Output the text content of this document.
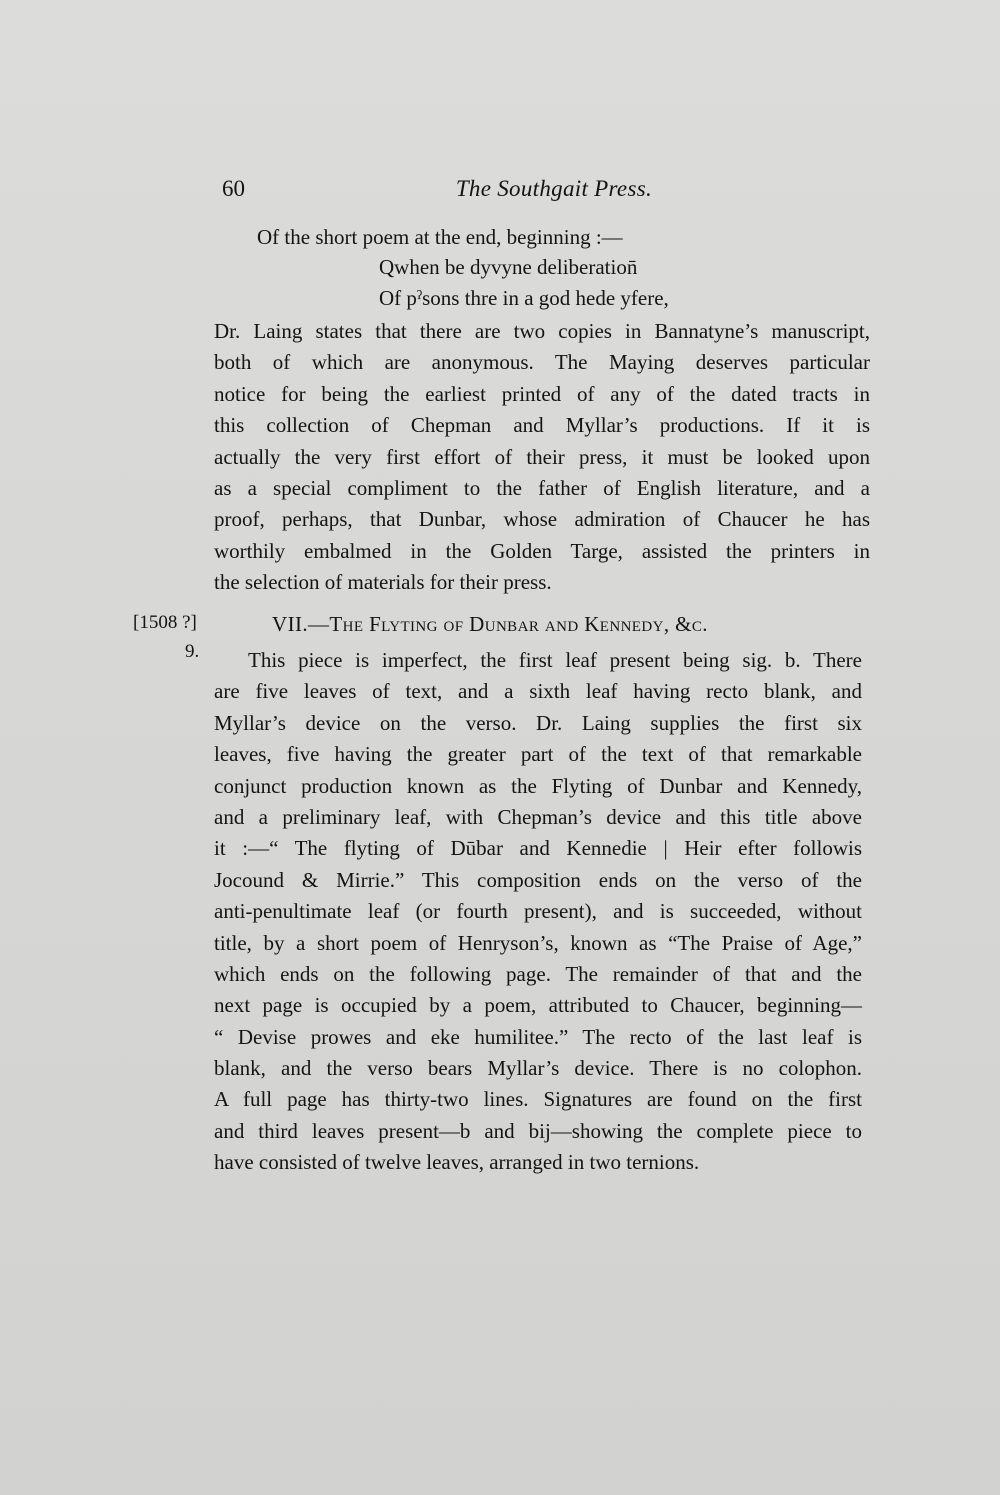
60	The Southgait Press.
Of the short poem at the end, beginning :—
Qwhen be dyvyne deliberation̄
Of pˀsons thre in a god hede yfere,
Dr. Laing states that there are two copies in Bannatyne’s manuscript,
both of which are anonymous. The Maying deserves particular
notice for being the earliest printed of any of the dated tracts in
this collection of Chepman and Myllar’s productions. If it is
actually the very first effort of their press, it must be looked upon
as a special compliment to the father of English literature, and a
proof, perhaps, that Dunbar, whose admiration of Chaucer he has
worthily embalmed in the Golden Targe, assisted the printers in
the selection of materials for their press.
[1508 ?]
9.
VII.—The Flyting of Dunbar and Kennedy, &c.
This piece is imperfect, the first leaf present being sig. b. There
are five leaves of text, and a sixth leaf having recto blank, and
Myllar’s device on the verso. Dr. Laing supplies the first six
leaves, five having the greater part of the text of that remarkable
conjunct production known as the Flyting of Dunbar and Kennedy,
and a preliminary leaf, with Chepman’s device and this title above
it :—“ The flyting of Dūbar and Kennedie | Heir efter followis
Jocound & Mirrie.” This composition ends on the verso of the
anti-penultimate leaf (or fourth present), and is succeeded, without
title, by a short poem of Henryson’s, known as “The Praise of Age,”
which ends on the following page. The remainder of that and the
next page is occupied by a poem, attributed to Chaucer, beginning—
“ Devise prowes and eke humilitee.” The recto of the last leaf is
blank, and the verso bears Myllar’s device. There is no colophon.
A full page has thirty-two lines. Signatures are found on the first
and third leaves present—b and bij—showing the complete piece to
have consisted of twelve leaves, arranged in two ternions.
